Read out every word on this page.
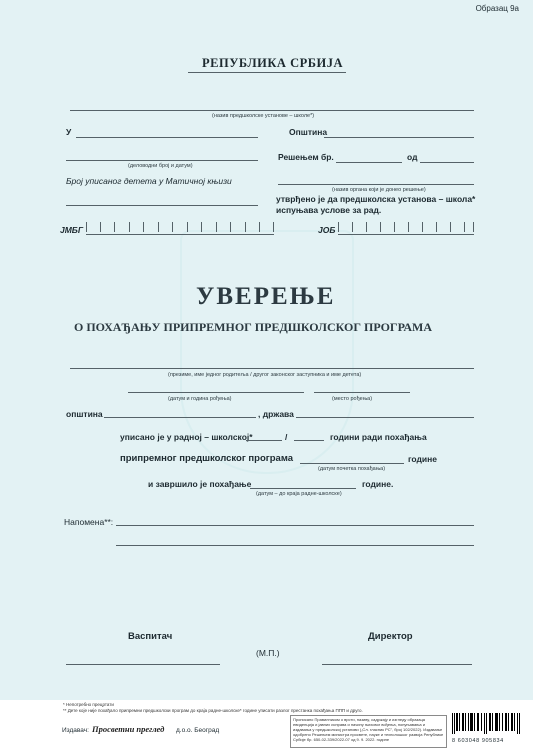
Образац 9а
РЕПУБЛИКА СРБИЈА
(назив предшколске установе – школе*)
У	Општина
(деловодни број и датум)
Решењем бр.	од
Број уписаног детета у Матичној књизи
(назив органа који је донео решење)
утврђено је да предшколска установа – школа*
испуњава услове за рад.
ЈМБГ	ЈОБ
УВЕРЕЊЕ
О ПОХАЂАЊУ ПРИПРЕМНОГ ПРЕДШКОЛСКОГ ПРОГРАМА
(презиме, име једног родитеља / другог законског заступника и име детета)
(датум и година рођења)	(место рођења)
општина	, држава
уписано је у радној – школској*	/	години ради похађања
припремног предшколског програма	године
(датум почетка похађања)
и завршило је похађање	године.
(датум – до краја радне-школске)
Напомена**:
Васпитач	Директор
(М.П.)
* Непотребно прецртати
** Дете које није похађало припремни предшколски програм до краја радне-школске* године уписати разлог престанка похађања ППП и друго.
Издавач: Просветни преглед д.о.о. Београд
Прописано Правилником о врсти, називу, садржају и изгледу образаца евиденција и јавних исправа и начину њиховог вођења, попуњавања и издавања у предшколској установи („Сл. гласник РС", број 102/2022). Издавање одобрено Решењем министра просвете, науке и технолошког развоја Републике Србије бр. 650-02-339/2022-07 од 9. 9. 2022. године	8 603048 905834
